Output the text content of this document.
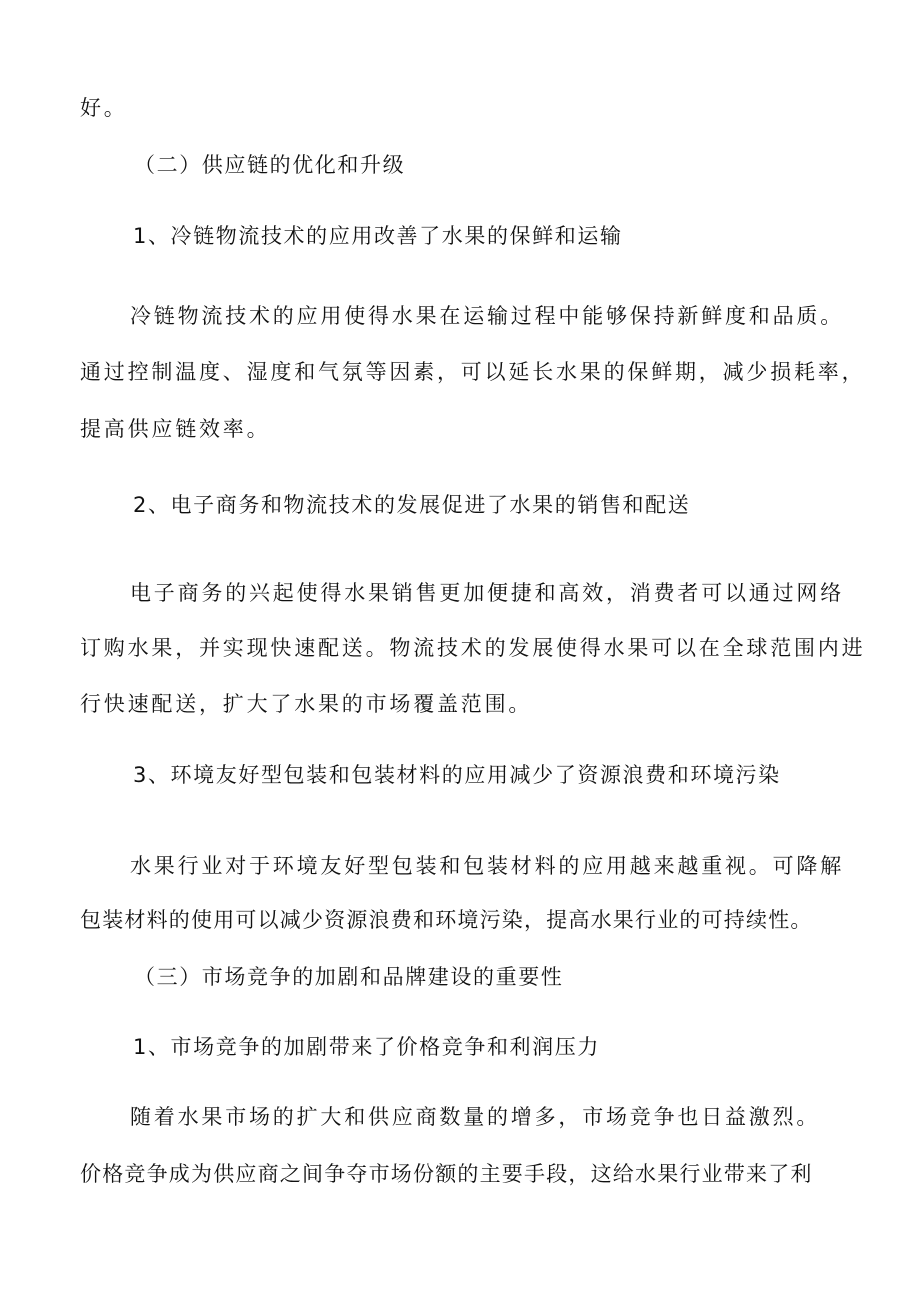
好。
（二）供应链的优化和升级
1、冷链物流技术的应用改善了水果的保鲜和运输
冷链物流技术的应用使得水果在运输过程中能够保持新鲜度和品质。
通过控制温度、湿度和气氛等因素，可以延长水果的保鲜期，减少损耗率，
提高供应链效率。
2、电子商务和物流技术的发展促进了水果的销售和配送
电子商务的兴起使得水果销售更加便捷和高效，消费者可以通过网络
订购水果，并实现快速配送。物流技术的发展使得水果可以在全球范围内进
行快速配送，扩大了水果的市场覆盖范围。
3、环境友好型包装和包装材料的应用减少了资源浪费和环境污染
水果行业对于环境友好型包装和包装材料的应用越来越重视。可降解
包装材料的使用可以减少资源浪费和环境污染，提高水果行业的可持续性。
（三）市场竞争的加剧和品牌建设的重要性
1、市场竞争的加剧带来了价格竞争和利润压力
随着水果市场的扩大和供应商数量的增多，市场竞争也日益激烈。
价格竞争成为供应商之间争夺市场份额的主要手段，这给水果行业带来了利
